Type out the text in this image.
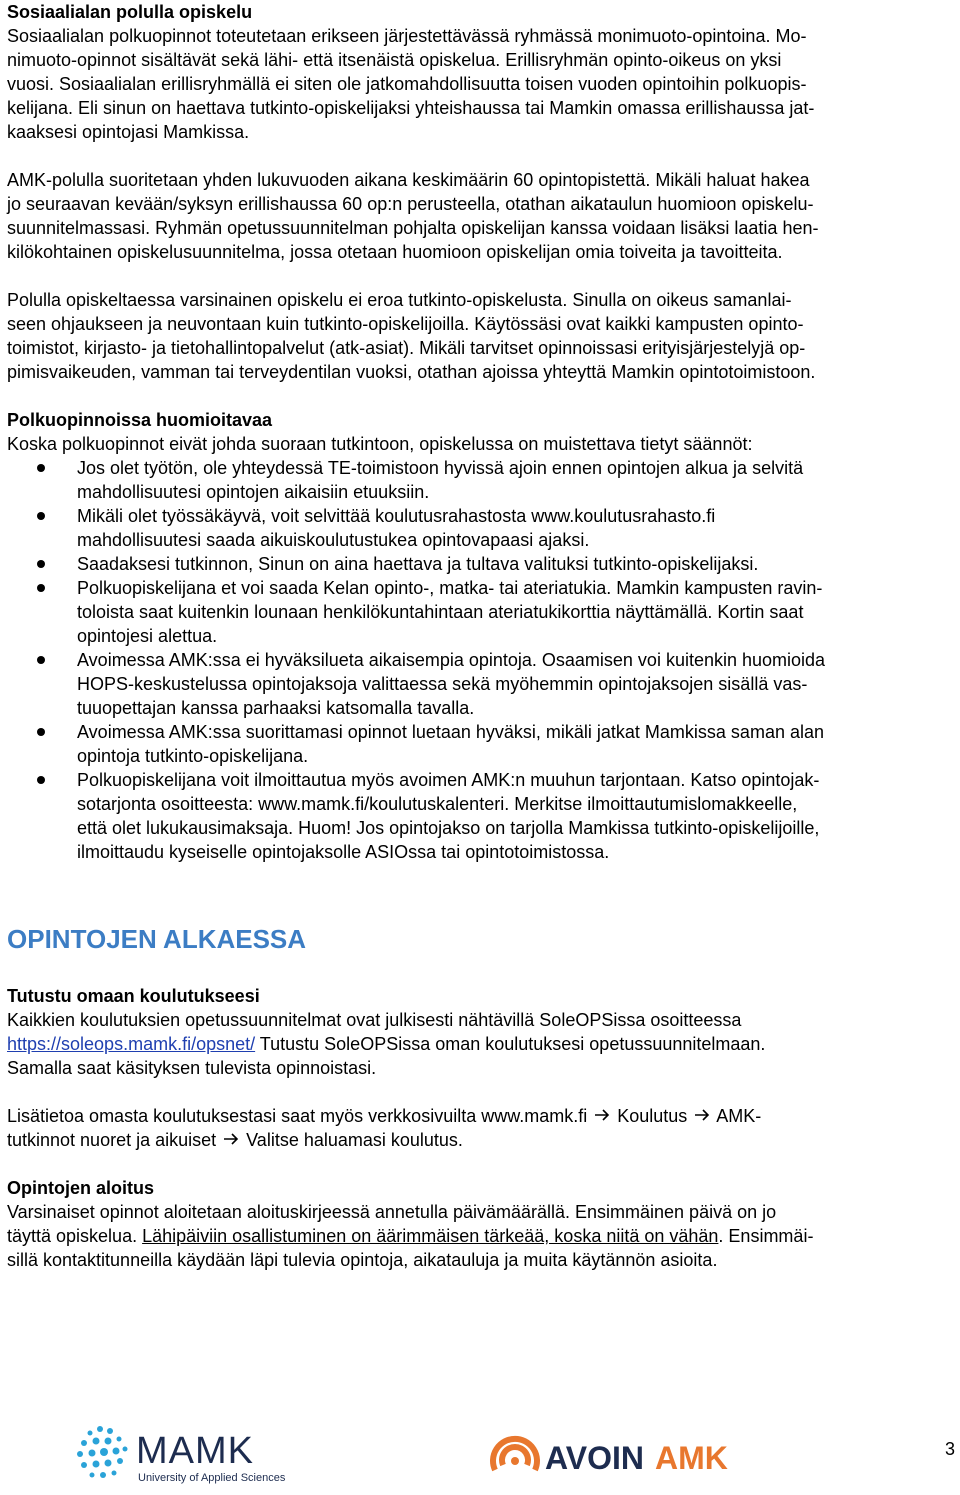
Sosiaalialan polulla opiskelu

Sosiaalialan polkuopinnot toteutetaan erikseen järjestettävässä ryhmässä monimuoto-opintoina. Mo-

nimuoto-opinnot sisältävät sekä lähi- että itsenäistä opiskelua. Erillisryhmän opinto-oikeus on yksi

vuosi. Sosiaalialan erillisryhmällä ei siten ole jatkomahdollisuutta toisen vuoden opintoihin polkuopis-

kelijana. Eli sinun on haettava tutkinto-opiskelijaksi yhteishaussa tai Mamkin omassa erillishaussa jat-

kaaksesi opintojasi Mamkissa.

AMK-polulla suoritetaan yhden lukuvuoden aikana keskimäärin 60 opintopistettä. Mikäli haluat hakea

jo seuraavan kevään/syksyn erillishaussa 60 op:n perusteella, otathan aikataulun huomioon opiskelu-

suunnitelmassasi. Ryhmän opetussuunnitelman pohjalta opiskelijan kanssa voidaan lisäksi laatia hen-

kilökohtainen opiskelusuunnitelma, jossa otetaan huomioon opiskelijan omia toiveita ja tavoitteita.

Polulla opiskeltaessa varsinainen opiskelu ei eroa tutkinto-opiskelusta. Sinulla on oikeus samanlai-

seen ohjaukseen ja neuvontaan kuin tutkinto-opiskelijoilla. Käytössäsi ovat kaikki kampusten opinto-

toimistot, kirjasto- ja tietohallintopalvelut (atk-asiat). Mikäli tarvitset opinnoissasi erityisjärjestelyjä op-

pimisvaikeuden, vamman tai terveydentilan vuoksi, otathan ajoissa yhteyttä Mamkin opintotoimistoon.

Polkuopinnoissa huomioitavaa

Koska polkuopinnot eivät johda suoraan tutkintoon, opiskelussa on muistettava tietyt säännöt:

Jos olet työtön, ole yhteydessä TE-toimistoon hyvissä ajoin ennen opintojen alkua ja selvitä
mahdollisuutesi opintojen aikaisiin etuuksiin.
Mikäli olet työssäkäyvä, voit selvittää koulutusrahastosta www.koulutusrahasto.fi
mahdollisuutesi saada aikuiskoulutustukea opintovapaasi ajaksi.
Saadaksesi tutkinnon, Sinun on aina haettava ja tultava valituksi tutkinto-opiskelijaksi.
Polkuopiskelijana et voi saada Kelan opinto-, matka- tai ateriatukia. Mamkin kampusten ravin-
toloista saat kuitenkin lounaan henkilökuntahintaan ateriatukikorttia näyttämällä. Kortin saat
opintojesi alettua.
Avoimessa AMK:ssa ei hyväksilueta aikaisempia opintoja. Osaamisen voi kuitenkin huomioida
HOPS-keskustelussa opintojaksoja valittaessa sekä myöhemmin opintojaksojen sisällä vas-
tuuopettajan kanssa parhaaksi katsomalla tavalla.
Avoimessa AMK:ssa suorittamasi opinnot luetaan hyväksi, mikäli jatkat Mamkissa saman alan
opintoja tutkinto-opiskelijana.
Polkuopiskelijana voit ilmoittautua myös avoimen AMK:n muuhun tarjontaan. Katso opintojak-
sotarjonta osoitteesta: www.mamk.fi/koulutuskalenteri. Merkitse ilmoittautumislomakkeelle,
että olet lukukausimaksaja. Huom! Jos opintojakso on tarjolla Mamkissa tutkinto-opiskelijoille,
ilmoittaudu kyseiselle opintojaksolle ASIOssa tai opintotoimistossa.
OPINTOJEN ALKAESSA

Tutustu omaan koulutukseesi

Kaikkien koulutuksien opetussuunnitelmat ovat julkisesti nähtävillä SoleOPSissa osoitteessa

https://soleops.mamk.fi/opsnet/ Tutustu SoleOPSissa oman koulutuksesi opetussuunnitelmaan.

Samalla saat käsityksen tulevista opinnoistasi.

Lisätietoa omasta koulutuksestasi saat myös verkkosivuilta www.mamk.fi  Koulutus  AMK-

tutkinnot nuoret ja aikuiset  Valitse haluamasi koulutus.

Opintojen aloitus

Varsinaiset opinnot aloitetaan aloituskirjeessä annetulla päivämäärällä. Ensimmäinen päivä on jo

täyttä opiskelua. Lähipäiviin osallistuminen on äärimmäisen tärkeää, koska niitä on vähän. Ensimmäi-

sillä kontaktitunneilla käydään läpi tulevia opintoja, aikatauluja ja muita käytännön asioita.

MAMK
University of Applied Sciences
AVOIN AMK	3
